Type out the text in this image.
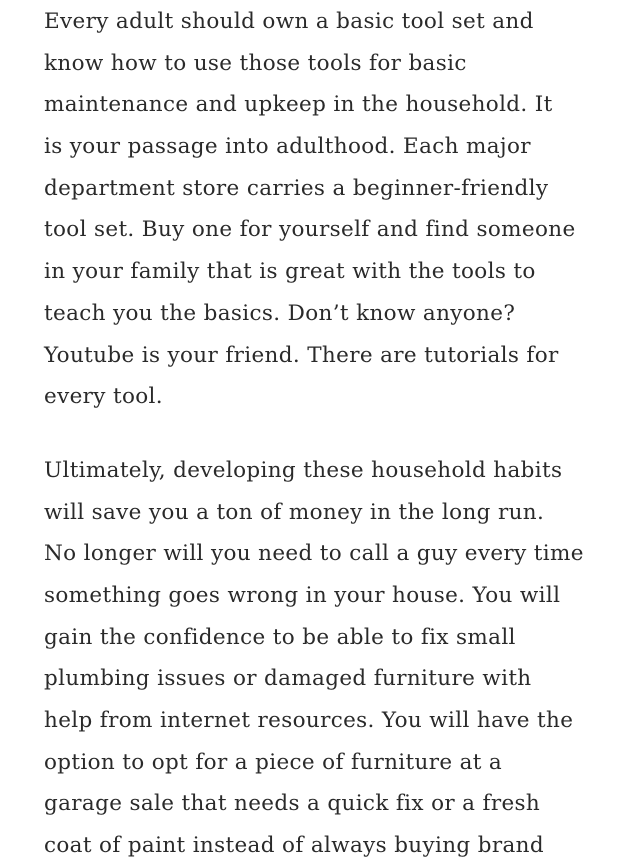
Every adult should own a basic tool set and
know how to use those tools for basic
maintenance and upkeep in the household. It
is your passage into adulthood. Each major
department store carries a beginner-friendly
tool set. Buy one for yourself and find someone
in your family that is great with the tools to
teach you the basics. Don’t know anyone?
Youtube is your friend. There are tutorials for
every tool.

Ultimately, developing these household habits
will save you a ton of money in the long run.
No longer will you need to call a guy every time
something goes wrong in your house. You will
gain the confidence to be able to fix small
plumbing issues or damaged furniture with
help from internet resources. You will have the
option to opt for a piece of furniture at a
garage sale that needs a quick fix or a fresh
coat of paint instead of always buying brand
